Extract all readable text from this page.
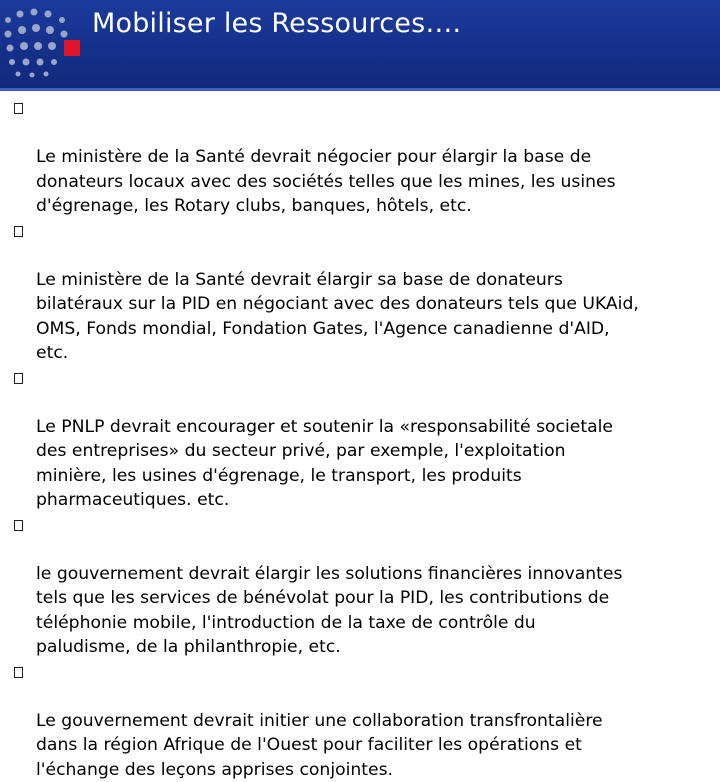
Mobiliser les Ressources….

Le ministère de la Santé devrait négocier pour élargir la base de
donateurs locaux avec des sociétés telles que les mines, les usines
d'égrenage, les Rotary clubs, banques, hôtels, etc.

Le ministère de la Santé devrait élargir sa base de donateurs
bilatéraux sur la PID en négociant avec des donateurs tels que UKAid,
OMS, Fonds mondial, Fondation Gates, l'Agence canadienne d'AID,
etc.

Le PNLP devrait encourager et soutenir la «responsabilité societale
des entreprises» du secteur privé, par exemple, l'exploitation
minière, les usines d'égrenage, le transport, les produits
pharmaceutiques. etc.

le gouvernement devrait élargir les solutions financières innovantes
tels que les services de bénévolat pour la PID, les contributions de
téléphonie mobile, l'introduction de la taxe de contrôle du
paludisme, de la philanthropie, etc.

Le gouvernement devrait initier une collaboration transfrontalière
dans la région Afrique de l'Ouest pour faciliter les opérations et
l'échange des leçons apprises conjointes.
